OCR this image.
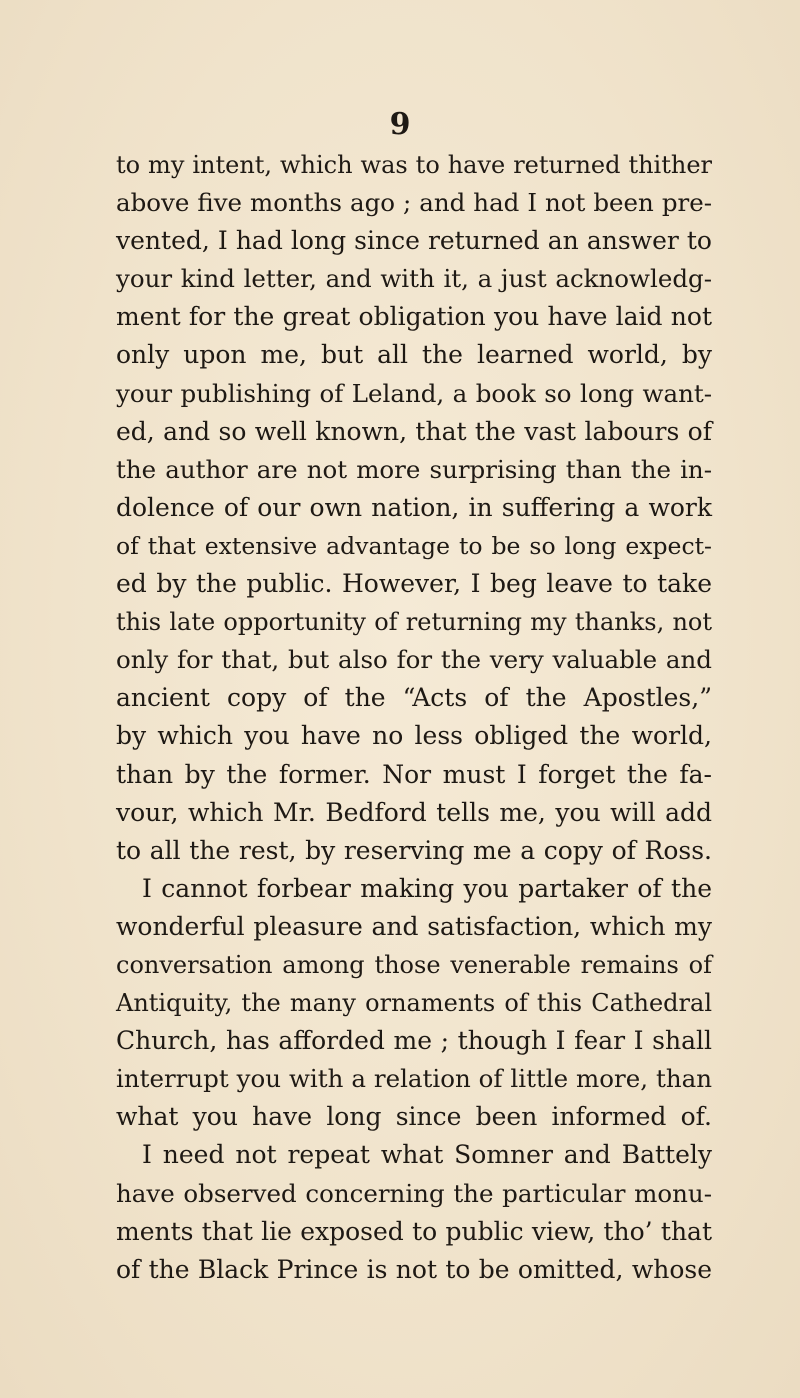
9
to my intent, which was to have returned thither
above five months ago ; and had I not been pre-
vented, I had long since returned an answer to
your kind letter, and with it, a just acknowledg-
ment for the great obligation you have laid not
only upon me, but all the learned world, by
your publishing of Leland, a book so long want-
ed, and so well known, that the vast labours of
the author are not more surprising than the in-
dolence of our own nation, in suffering a work
of that extensive advantage to be so long expect-
ed by the public. However, I beg leave to take
this late opportunity of returning my thanks, not
only for that, but also for the very valuable and
ancient copy of the “Acts of the Apostles,”
by which you have no less obliged the world,
than by the former. Nor must I forget the fa-
vour, which Mr. Bedford tells me, you will add
to all the rest, by reserving me a copy of Ross.
I cannot forbear making you partaker of the
wonderful pleasure and satisfaction, which my
conversation among those venerable remains of
Antiquity, the many ornaments of this Cathedral
Church, has afforded me ; though I fear I shall
interrupt you with a relation of little more, than
what you have long since been informed of.
I need not repeat what Somner and Battely
have observed concerning the particular monu-
ments that lie exposed to public view, tho’ that
of the Black Prince is not to be omitted, whose
